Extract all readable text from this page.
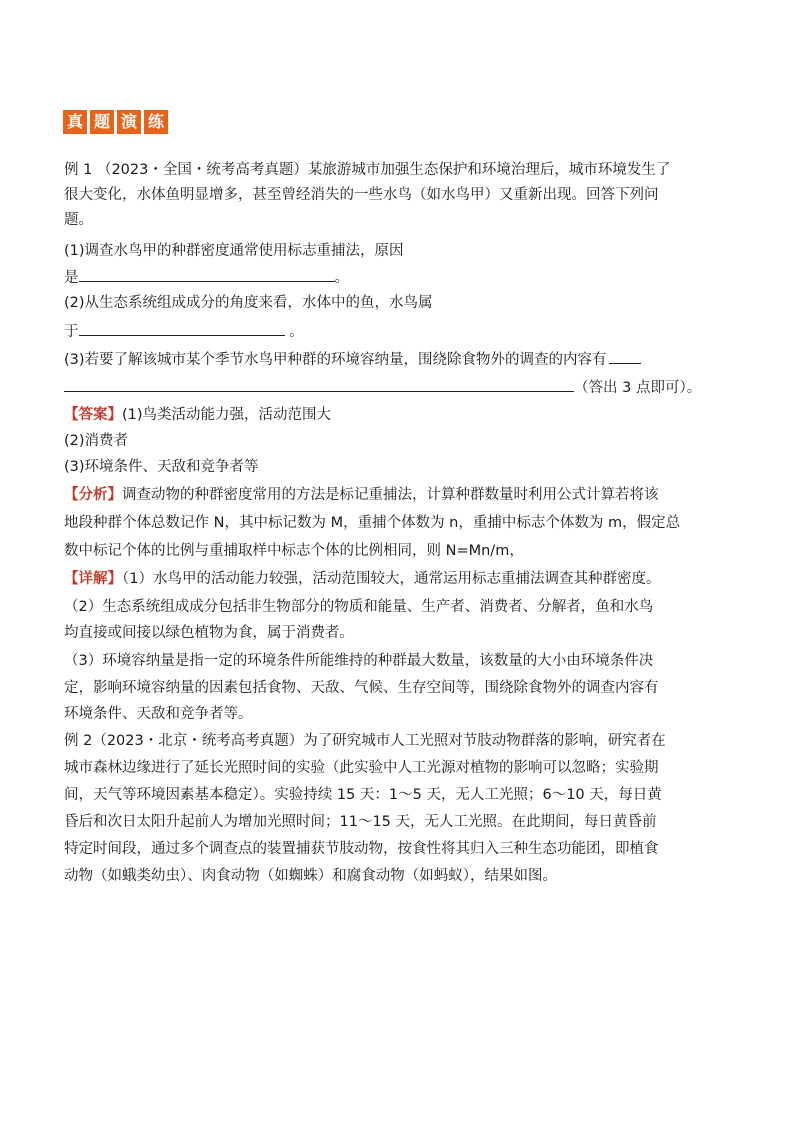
真 题 演 练
例 1 （2023・全国・统考高考真题）某旅游城市加强生态保护和环境治理后，城市环境发生了
很大变化，水体鱼明显增多，甚至曾经消失的一些水鸟（如水鸟甲）又重新出现。回答下列问
题。
(1)调查水鸟甲的种群密度通常使用标志重捕法，原因
是	。
(2)从生态系统组成成分的角度来看，水体中的鱼，水鸟属
于	。
(3)若要了解该城市某个季节水鸟甲种群的环境容纳量，围绕除食物外的调查的内容有
（答出 3 点即可）。
【答案】(1)鸟类活动能力强，活动范围大
(2)消费者
(3)环境条件、天敌和竞争者等
【分析】调查动物的种群密度常用的方法是标记重捕法，计算种群数量时利用公式计算若将该
地段种群个体总数记作 N，其中标记数为 M，重捕个体数为 n，重捕中标志个体数为 m，假定总
数中标记个体的比例与重捕取样中标志个体的比例相同，则 N=Mn/m，
【详解】（1）水鸟甲的活动能力较强，活动范围较大，通常运用标志重捕法调查其种群密度。
（2）生态系统组成成分包括非生物部分的物质和能量、生产者、消费者、分解者，鱼和水鸟
均直接或间接以绿色植物为食，属于消费者。
（3）环境容纳量是指一定的环境条件所能维持的种群最大数量，该数量的大小由环境条件决
定，影响环境容纳量的因素包括食物、天敌、气候、生存空间等，围绕除食物外的调查内容有
环境条件、天敌和竞争者等。
例 2（2023・北京・统考高考真题）为了研究城市人工光照对节肢动物群落的影响，研究者在
城市森林边缘进行了延长光照时间的实验（此实验中人工光源对植物的影响可以忽略；实验期
间，天气等环境因素基本稳定）。实验持续 15 天：1～5 天，无人工光照；6～10 天，每日黄
昏后和次日太阳升起前人为增加光照时间；11～15 天，无人工光照。在此期间，每日黄昏前
特定时间段，通过多个调查点的装置捕获节肢动物，按食性将其归入三种生态功能团，即植食
动物（如蛾类幼虫）、肉食动物（如蜘蛛）和腐食动物（如蚂蚁），结果如图。
